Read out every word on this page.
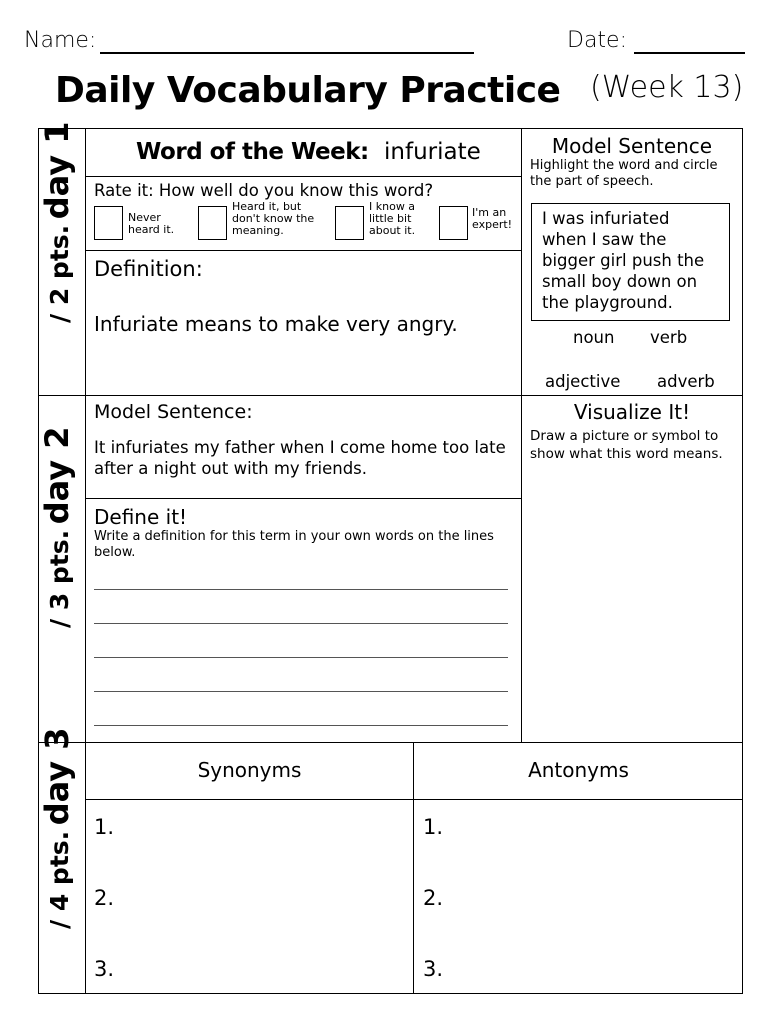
Name:	Date:
Daily Vocabulary Practice (Week 13)
/ 2 pts. day 1
/ 3 pts. day 2
/ 4 pts. day 3
Word of the Week: infuriate
Rate it: How well do you know this word?
Never heard it.
Heard it, but don't know the meaning.
I know a little bit about it.
I'm an expert!
Definition:
Infuriate means to make very angry.
Model Sentence
Highlight the word and circle the part of speech.
I was infuriated when I saw the bigger girl push the small boy down on the playground.
noun verb
adjective adverb
Model Sentence:
It infuriates my father when I come home too late after a night out with my friends.
Define it!
Write a definition for this term in your own words on the lines below.
Visualize It!
Draw a picture or symbol to show what this word means.
Synonyms	Antonyms
1.
2.
3.
1.
2.
3.
